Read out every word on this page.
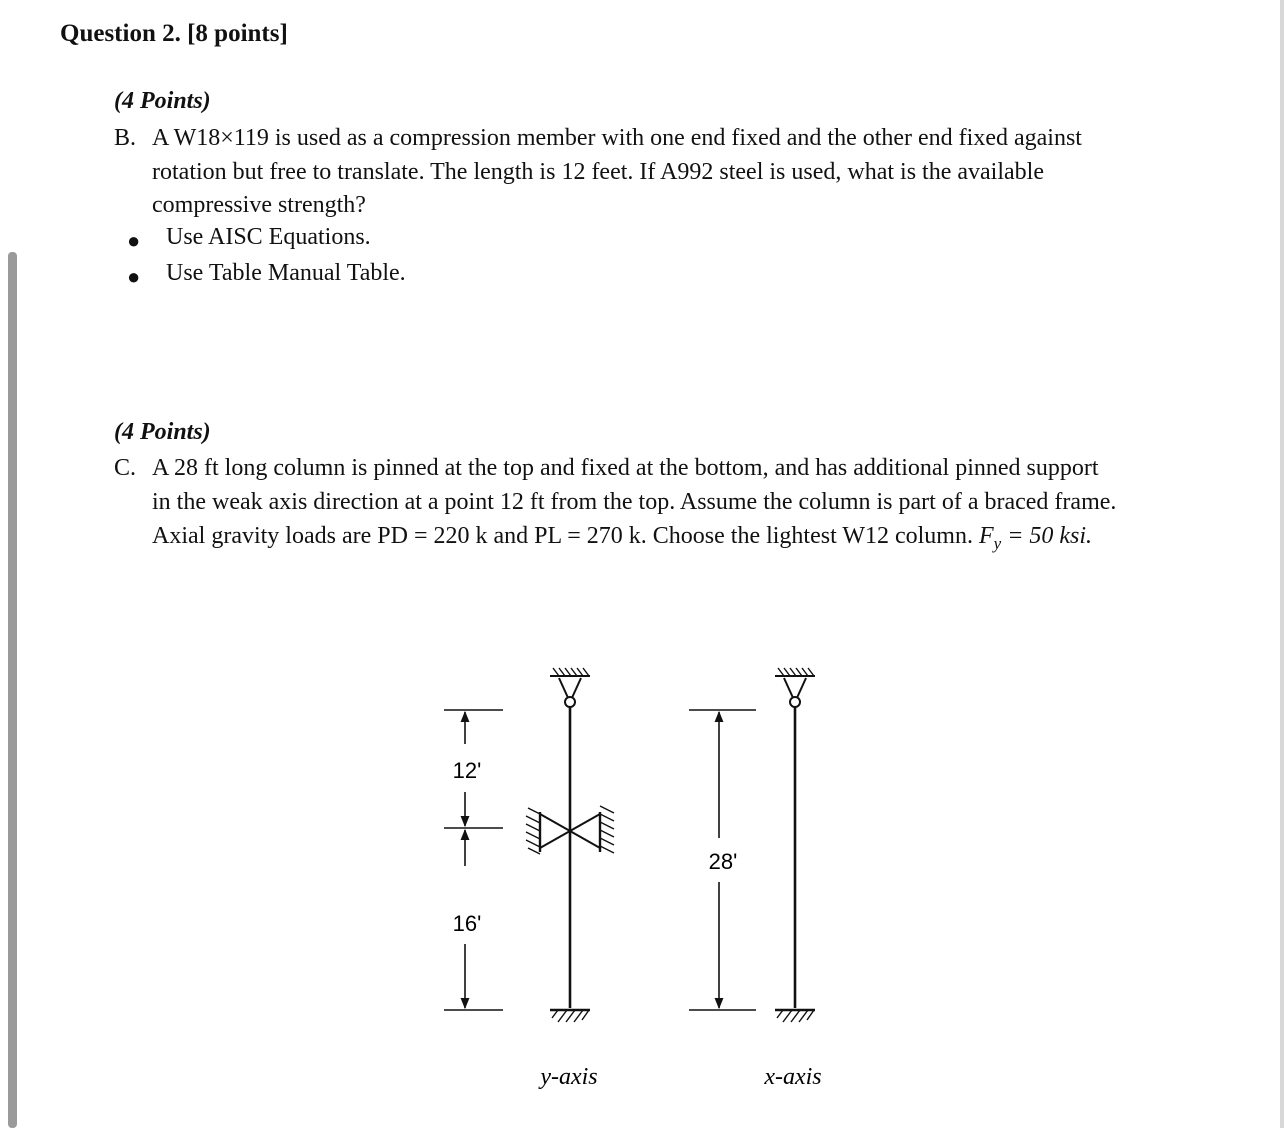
Question 2. [8 points]
(4 Points)
B. A W18×119 is used as a compression member with one end fixed and the other end fixed against
rotation but free to translate. The length is 12 feet. If A992 steel is used, what is the available
compressive strength?
● Use AISC Equations.
● Use Table Manual Table.
(4 Points)
C. A 28 ft long column is pinned at the top and fixed at the bottom, and has additional pinned support
in the weak axis direction at a point 12 ft from the top. Assume the column is part of a braced frame.
Axial gravity loads are PD = 220 k and PL = 270 k. Choose the lightest W12 column. $F_y = 50$ ksi.
12'
16'
y-axis
28'
x-axis
